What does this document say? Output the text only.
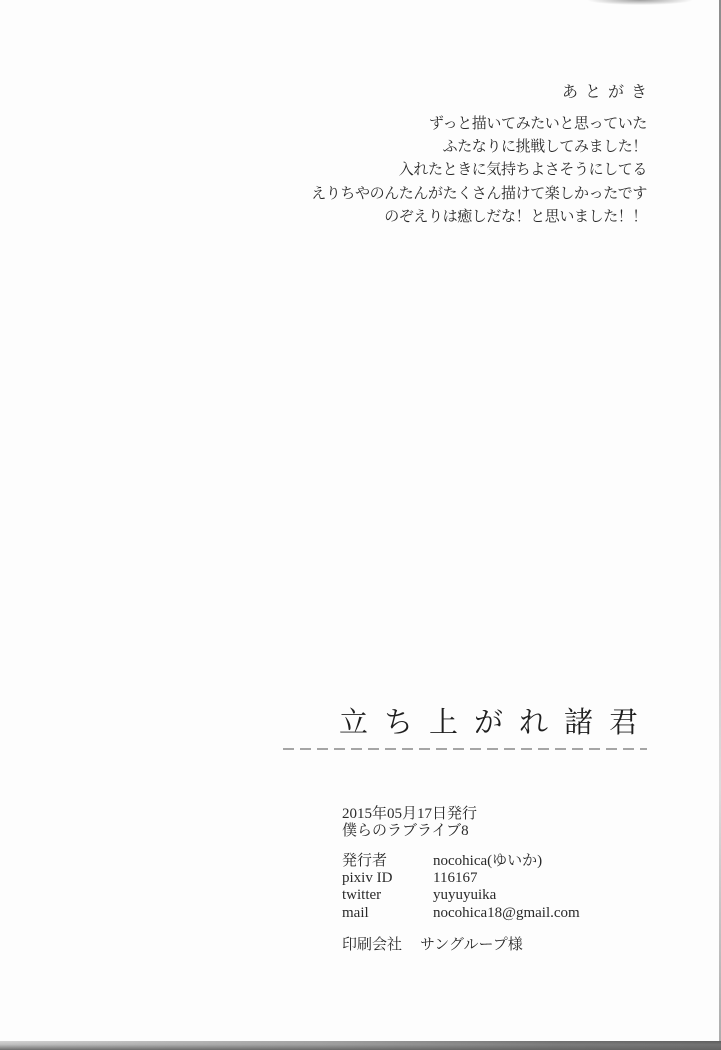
あとがき
ずっと描いてみたいと思っていた
ふたなりに挑戦してみました！
入れたときに気持ちよさそうにしてる
えりちやのんたんがたくさん描けて楽しかったです
のぞえりは癒しだな！と思いました！！
立ち上がれ諸君
2015年05月17日発行
僕らのラブライブ8
発行者	nocohica(ゆいか)
pixiv ID	116167
twitter	yuyuyuika
mail	nocohica18@gmail.com
印刷会社	サングループ様
